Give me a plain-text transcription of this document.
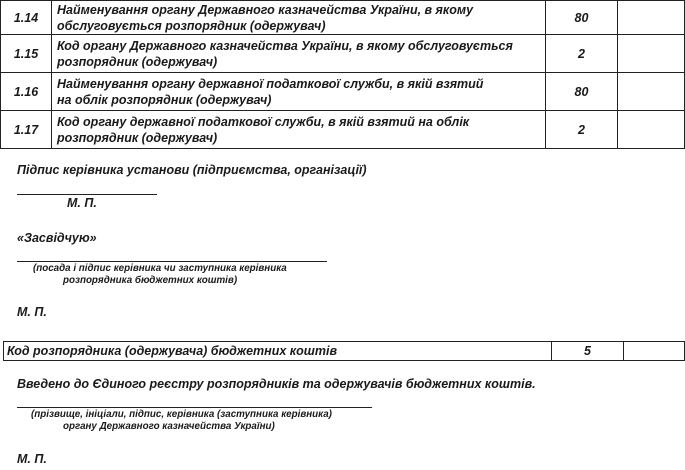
1.14	Найменування органу Державного казначейства України, в якому
обслуговується розпорядник (одержувач)	80	
1.15	Код органу Державного казначейства України, в якому обслуговується
розпорядник (одержувач)	2	
1.16	Найменування органу державної податкової служби, в якій взятий
на облік розпорядник (одержувач)	80	
1.17	Код органу державної податкової служби, в якій взятий на облік
розпорядник (одержувач)	2	
Підпис керівника установи (підприємства, організації)
М. П.
«Засвідчую»
(посада і підпис керівника чи заступника керівника
розпорядника бюджетних коштів)
М. П.
Код розпорядника (одержувача) бюджетних коштів	5	
Введено до Єдиного реєстру розпорядників та одержувачів бюджетних коштів.
(прізвище, ініціали, підпис, керівника (заступника керівника)
органу Державного казначейства України)
М. П.
